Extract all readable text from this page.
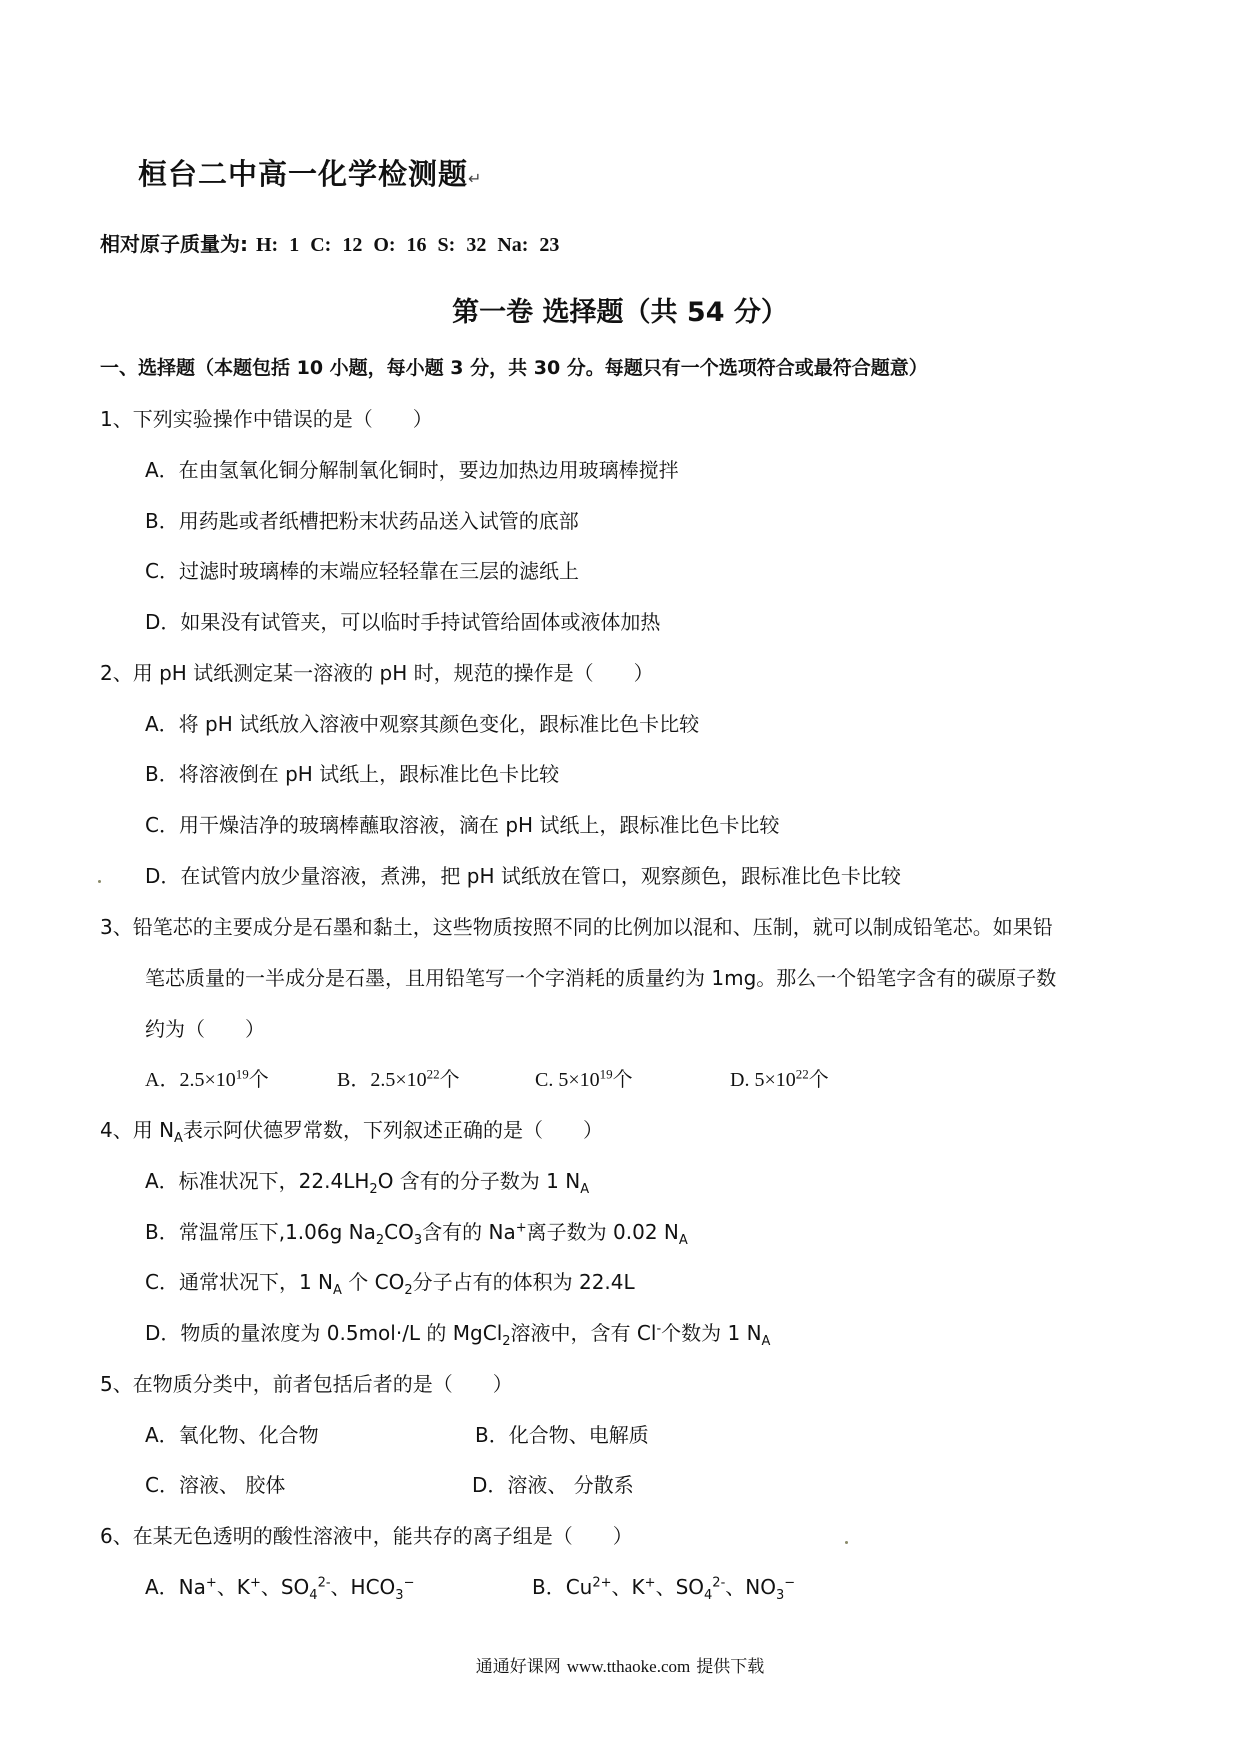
桓台二中高一化学检测题↵
相对原子质量为: H: 1 C: 12 O: 16 S: 32 Na: 23
第一卷 选择题（共 54 分）
一、选择题（本题包括 10 小题，每小题 3 分，共 30 分。每题只有一个选项符合或最符合题意）
1、下列实验操作中错误的是（　　）
A．在由氢氧化铜分解制氧化铜时，要边加热边用玻璃棒搅拌
B．用药匙或者纸槽把粉末状药品送入试管的底部
C．过滤时玻璃棒的末端应轻轻靠在三层的滤纸上
D．如果没有试管夹，可以临时手持试管给固体或液体加热
2、用 pH 试纸测定某一溶液的 pH 时，规范的操作是（　　）
A．将 pH 试纸放入溶液中观察其颜色变化，跟标准比色卡比较
B．将溶液倒在 pH 试纸上，跟标准比色卡比较
C．用干燥洁净的玻璃棒蘸取溶液，滴在 pH 试纸上，跟标准比色卡比较
D．在试管内放少量溶液，煮沸，把 pH 试纸放在管口，观察颜色，跟标准比色卡比较
3、铅笔芯的主要成分是石墨和黏土，这些物质按照不同的比例加以混和、压制，就可以制成铅笔芯。如果铅
笔芯质量的一半成分是石墨，且用铅笔写一个字消耗的质量约为 1mg。那么一个铅笔字含有的碳原子数
约为（　　）
A．$2.5\times 10^{19}$个	B．$2.5\times 10^{22}$个	C. $5\times 10^{19}$个	D. $5\times 10^{22}$个
4、用 $N_A$表示阿伏德罗常数，下列叙述正确的是（　　）
A．标准状况下，$22.4LH_2O$ 含有的分子数为 1 $N_A$
B．常温常压下,1.06g $Na_2CO_3$含有的 Na+离子数为 0.02 $N_A$
C．通常状况下，1 $N_A$ 个 $CO_2$分子占有的体积为 22.4L
D．物质的量浓度为 0.5mol·/L 的 MgCl$_2$溶液中，含有 Cl-个数为 1 $N_A$
5、在物质分类中，前者包括后者的是（　　）
A．氧化物、化合物	B．化合物、电解质
C．溶液、 胶体	D．溶液、 分散系
6、在某无色透明的酸性溶液中，能共存的离子组是（　　）
A．Na+、K+、$SO_4^{2-}$、$HCO_3^-$	B．$Cu^{2+}$、K+、$SO_4^{2-}$、$NO_3^-$
通通好课网 www.tthaoke.com 提供下载
